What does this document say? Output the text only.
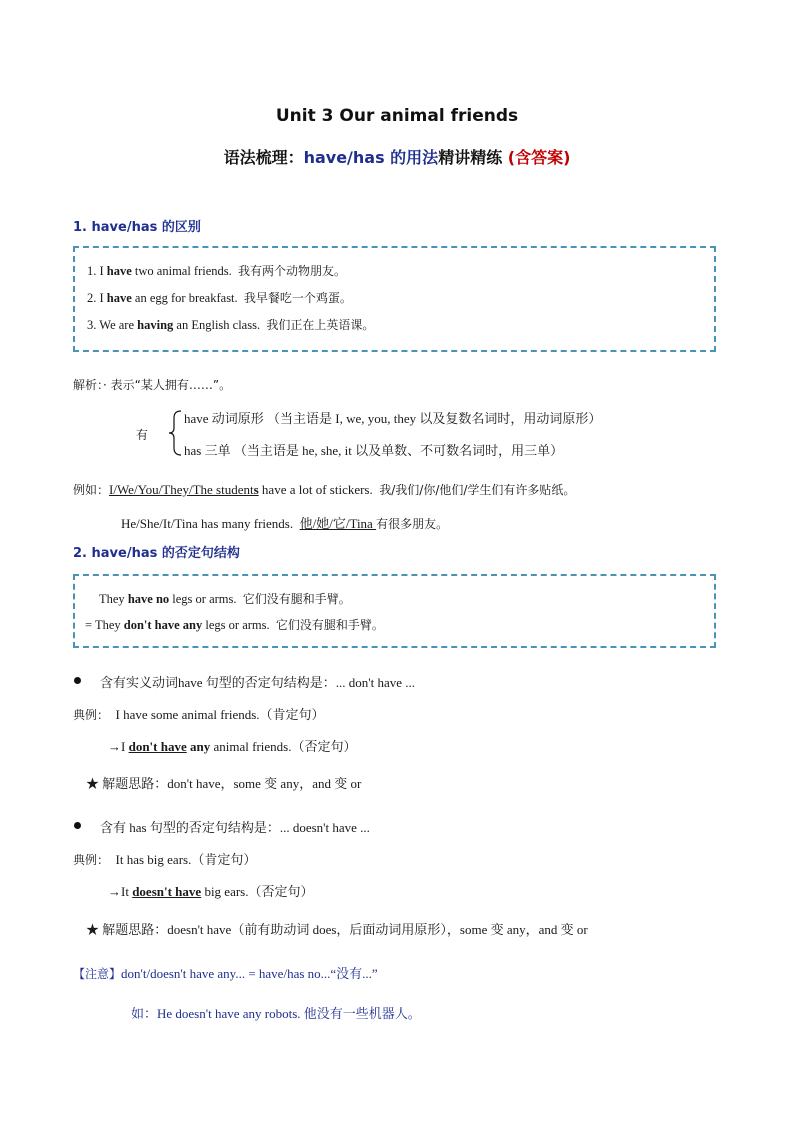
Unit 3 Our animal friends
语法梳理：have/has 的用法精讲精练 (含答案)
1. have/has 的区别
1. I have two animal friends. 我有两个动物朋友。
2. I have an egg for breakfast. 我早餐吃一个鸡蛋。
3. We are having an English class. 我们正在上英语课。
解析：· 表示“某人拥有……”。
有
have 动词原形 （当主语是 I, we, you, they 以及复数名词时，用动词原形）
has 三单 （当主语是 he, she, it 以及单数、不可数名词时，用三单）
例如：I/We/You/They/The students have a lot of stickers. 我/我们/你/他们/学生们有许多贴纸。
He/She/It/Tina has many friends. 他/她/它/Tina 有很多朋友。
2. have/has 的否定句结构
They have no legs or arms. 它们没有腿和手臂。
= They don't have any legs or arms. 它们没有腿和手臂。
含有实义动词have 句型的否定句结构是：... don't have ...
典例： I have some animal friends.（肯定句）
→I don't have any animal friends.（否定句）
★ 解题思路：don't have，some 变 any，and 变 or
含有 has 句型的否定句结构是：... doesn't have ...
典例： It has big ears.（肯定句）
→It doesn't have big ears.（否定句）
★ 解题思路：doesn't have（前有助动词 does，后面动词用原形），some 变 any，and 变 or
【注意】don't/doesn't have any... = have/has no...“没有...”
如：He doesn't have any robots. 他没有一些机器人。
